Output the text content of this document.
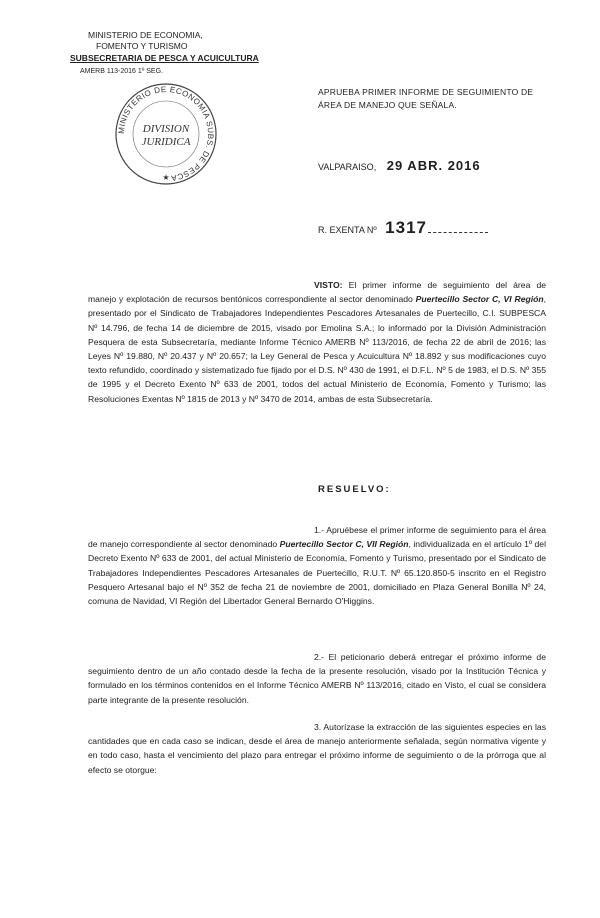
MINISTERIO DE ECONOMIA,
FOMENTO Y TURISMO
SUBSECRETARIA DE PESCA Y ACUICULTURA
AMERB 113-2016 1º SEG.
MINISTERIO DE ECONOMIA SUBS. DE PESCA
DIVISION
JURIDICA
★
APRUEBA PRIMER INFORME DE SEGUIMIENTO DE ÁREA DE MANEJO QUE SEÑALA.
VALPARAISO, 29 ABR. 2016
R. EXENTA Nº 1317
VISTO: El primer informe de seguimiento del área de manejo y explotación de recursos bentónicos correspondiente al sector denominado Puertecillo Sector C, VI Región, presentado por el Sindicato de Trabajadores Independientes Pescadores Artesanales de Puertecillo, C.I. SUBPESCA Nº 14.796, de fecha 14 de diciembre de 2015, visado por Emolina S.A.; lo informado por la División Administración Pesquera de esta Subsecretaría, mediante Informe Técnico AMERB Nº 113/2016, de fecha 22 de abril de 2016; las Leyes Nº 19.880, Nº 20.437 y Nº 20.657; la Ley General de Pesca y Acuicultura Nº 18.892 y sus modificaciones cuyo texto refundido, coordinado y sistematizado fue fijado por el D.S. Nº 430 de 1991, el D.F.L. Nº 5 de 1983, el D.S. Nº 355 de 1995 y el Decreto Exento Nº 633 de 2001, todos del actual Ministerio de Economía, Fomento y Turismo; las Resoluciones Exentas Nº 1815 de 2013 y Nº 3470 de 2014, ambas de esta Subsecretaría.
RESUELVO:
1.- Apruébese el primer informe de seguimiento para el área de manejo correspondiente al sector denominado Puertecillo Sector C, VII Región, individualizada en el artículo 1º del Decreto Exento Nº 633 de 2001, del actual Ministerio de Economía, Fomento y Turismo, presentado por el Sindicato de Trabajadores Independientes Pescadores Artesanales de Puertecillo, R.U.T. Nº 65.120.850-5 inscrito en el Registro Pesquero Artesanal bajo el Nº 352 de fecha 21 de noviembre de 2001, domiciliado en Plaza General Bonilla Nº 24, comuna de Navidad, VI Región del Libertador General Bernardo O'Higgins.
2.- El peticionario deberá entregar el próximo informe de seguimiento dentro de un año contado desde la fecha de la presente resolución, visado por la Institución Técnica y formulado en los términos contenidos en el Informe Técnico AMERB Nº 113/2016, citado en Visto, el cual se considera parte integrante de la presente resolución.
3. Autorízase la extracción de las siguientes especies en las cantidades que en cada caso se indican, desde el área de manejo anteriormente señalada, según normativa vigente y en todo caso, hasta el vencimiento del plazo para entregar el próximo informe de seguimiento o de la prórroga que al efecto se otorgue:
